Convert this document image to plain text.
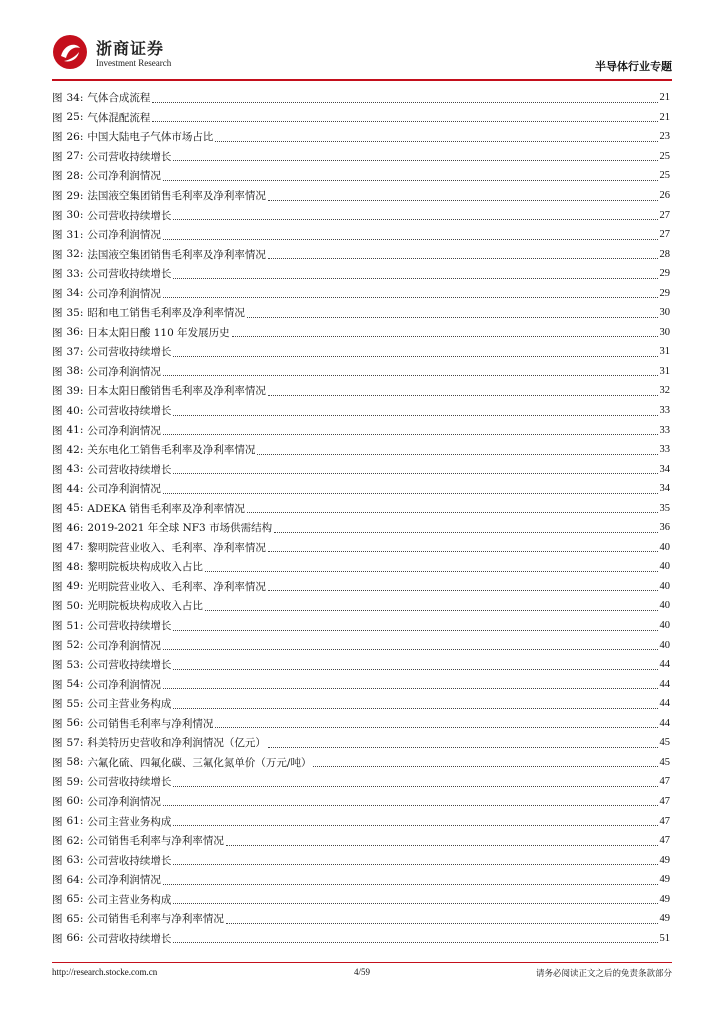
浙商证券
Investment Research	半导体行业专题
图 34: 气体合成流程	21
图 25: 气体混配流程	21
图 26: 中国大陆电子气体市场占比	23
图 27: 公司营收持续增长	25
图 28: 公司净利润情况	25
图 29: 法国液空集团销售毛利率及净利率情况	26
图 30: 公司营收持续增长	27
图 31: 公司净利润情况	27
图 32: 法国液空集团销售毛利率及净利率情况	28
图 33: 公司营收持续增长	29
图 34: 公司净利润情况	29
图 35: 昭和电工销售毛利率及净利率情况	30
图 36: 日本太阳日酸 110 年发展历史	30
图 37: 公司营收持续增长	31
图 38: 公司净利润情况	31
图 39: 日本太阳日酸销售毛利率及净利率情况	32
图 40: 公司营收持续增长	33
图 41: 公司净利润情况	33
图 42: 关东电化工销售毛利率及净利率情况	33
图 43: 公司营收持续增长	34
图 44: 公司净利润情况	34
图 45: ADEKA 销售毛利率及净利率情况	35
图 46: 2019-2021 年全球 NF3 市场供需结构	36
图 47: 黎明院营业收入、毛利率、净利率情况	40
图 48: 黎明院板块构成收入占比	40
图 49: 光明院营业收入、毛利率、净利率情况	40
图 50: 光明院板块构成收入占比	40
图 51: 公司营收持续增长	40
图 52: 公司净利润情况	40
图 53: 公司营收持续增长	44
图 54: 公司净利润情况	44
图 55: 公司主营业务构成	44
图 56: 公司销售毛利率与净利情况	44
图 57: 科美特历史营收和净利润情况（亿元）	45
图 58: 六氟化硫、四氟化碳、三氟化氮单价（万元/吨）	45
图 59: 公司营收持续增长	47
图 60: 公司净利润情况	47
图 61: 公司主营业务构成	47
图 62: 公司销售毛利率与净利率情况	47
图 63: 公司营收持续增长	49
图 64: 公司净利润情况	49
图 65: 公司主营业务构成	49
图 65: 公司销售毛利率与净利率情况	49
图 66: 公司营收持续增长	51
http://research.stocke.com.cn	4/59	请务必阅读正文之后的免责条款部分
